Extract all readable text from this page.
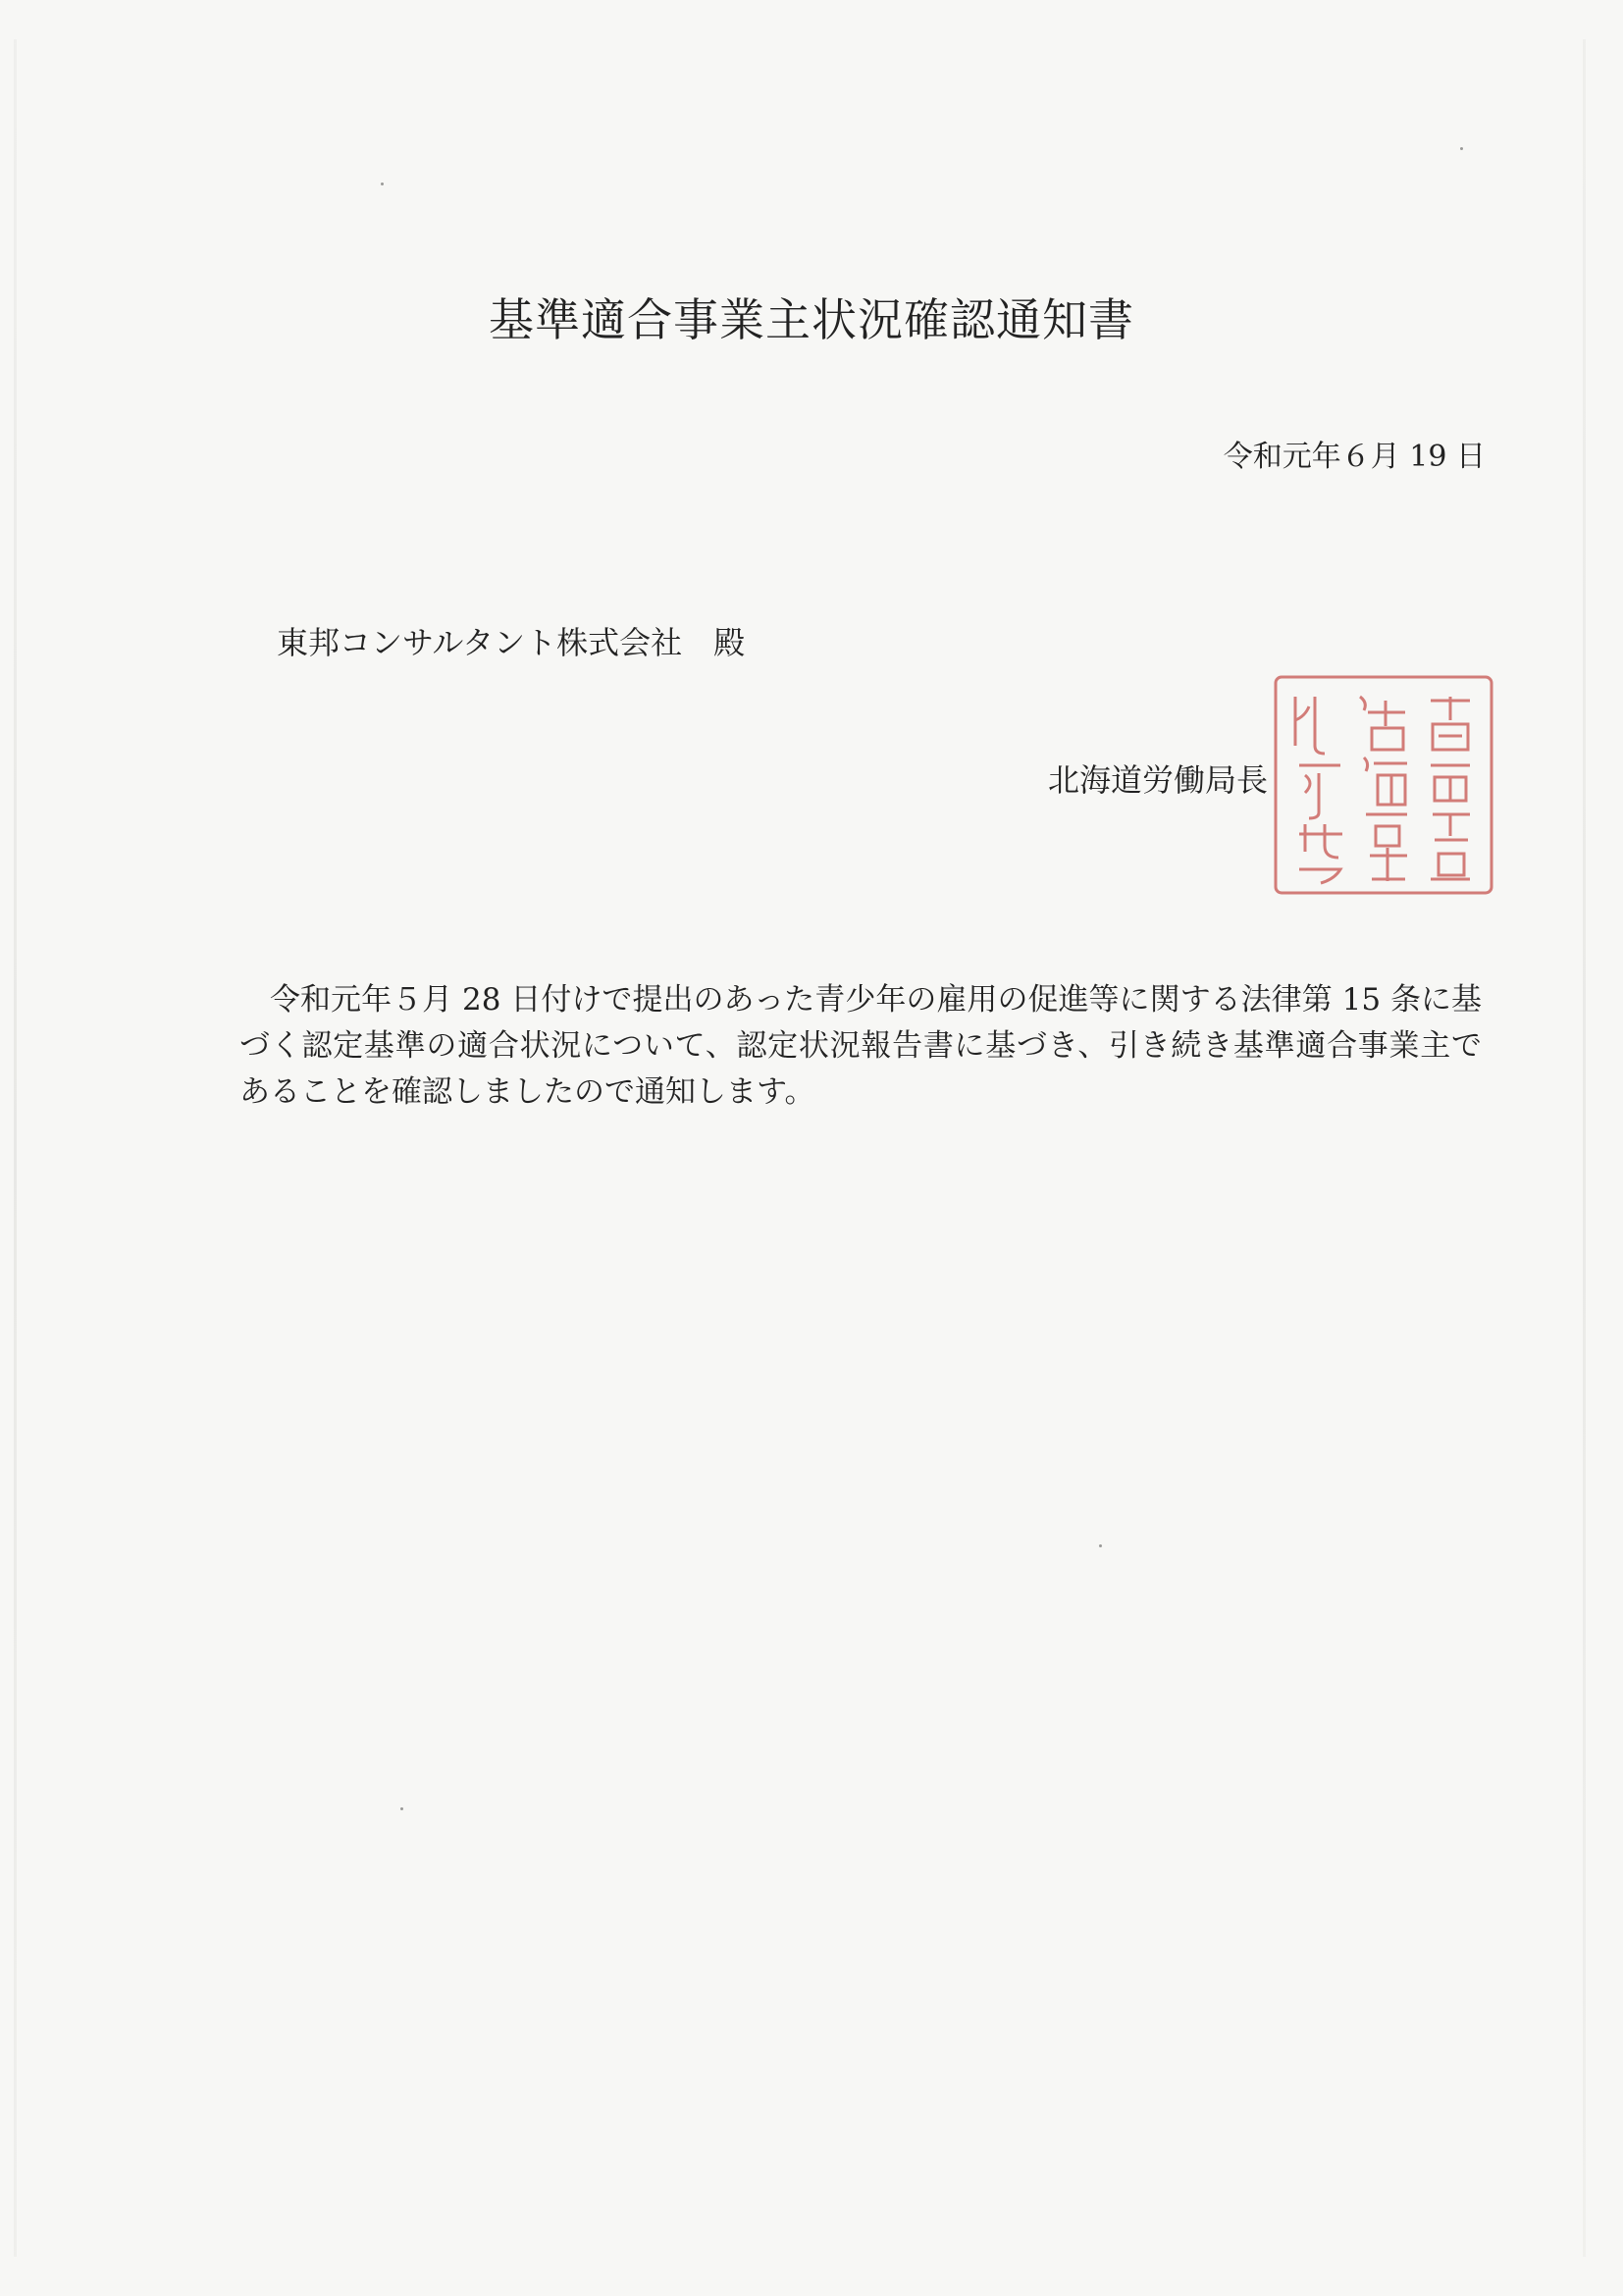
基準適合事業主状況確認通知書
令和元年６月 19 日
東邦コンサルタント株式会社　殿
北海道労働局長
令和元年５月 28 日付けで提出のあった青少年の雇用の促進等に関する法律第 15 条に基づく認定基準の適合状況について、認定状況報告書に基づき、引き続き基準適合事業主であることを確認しましたので通知します。
